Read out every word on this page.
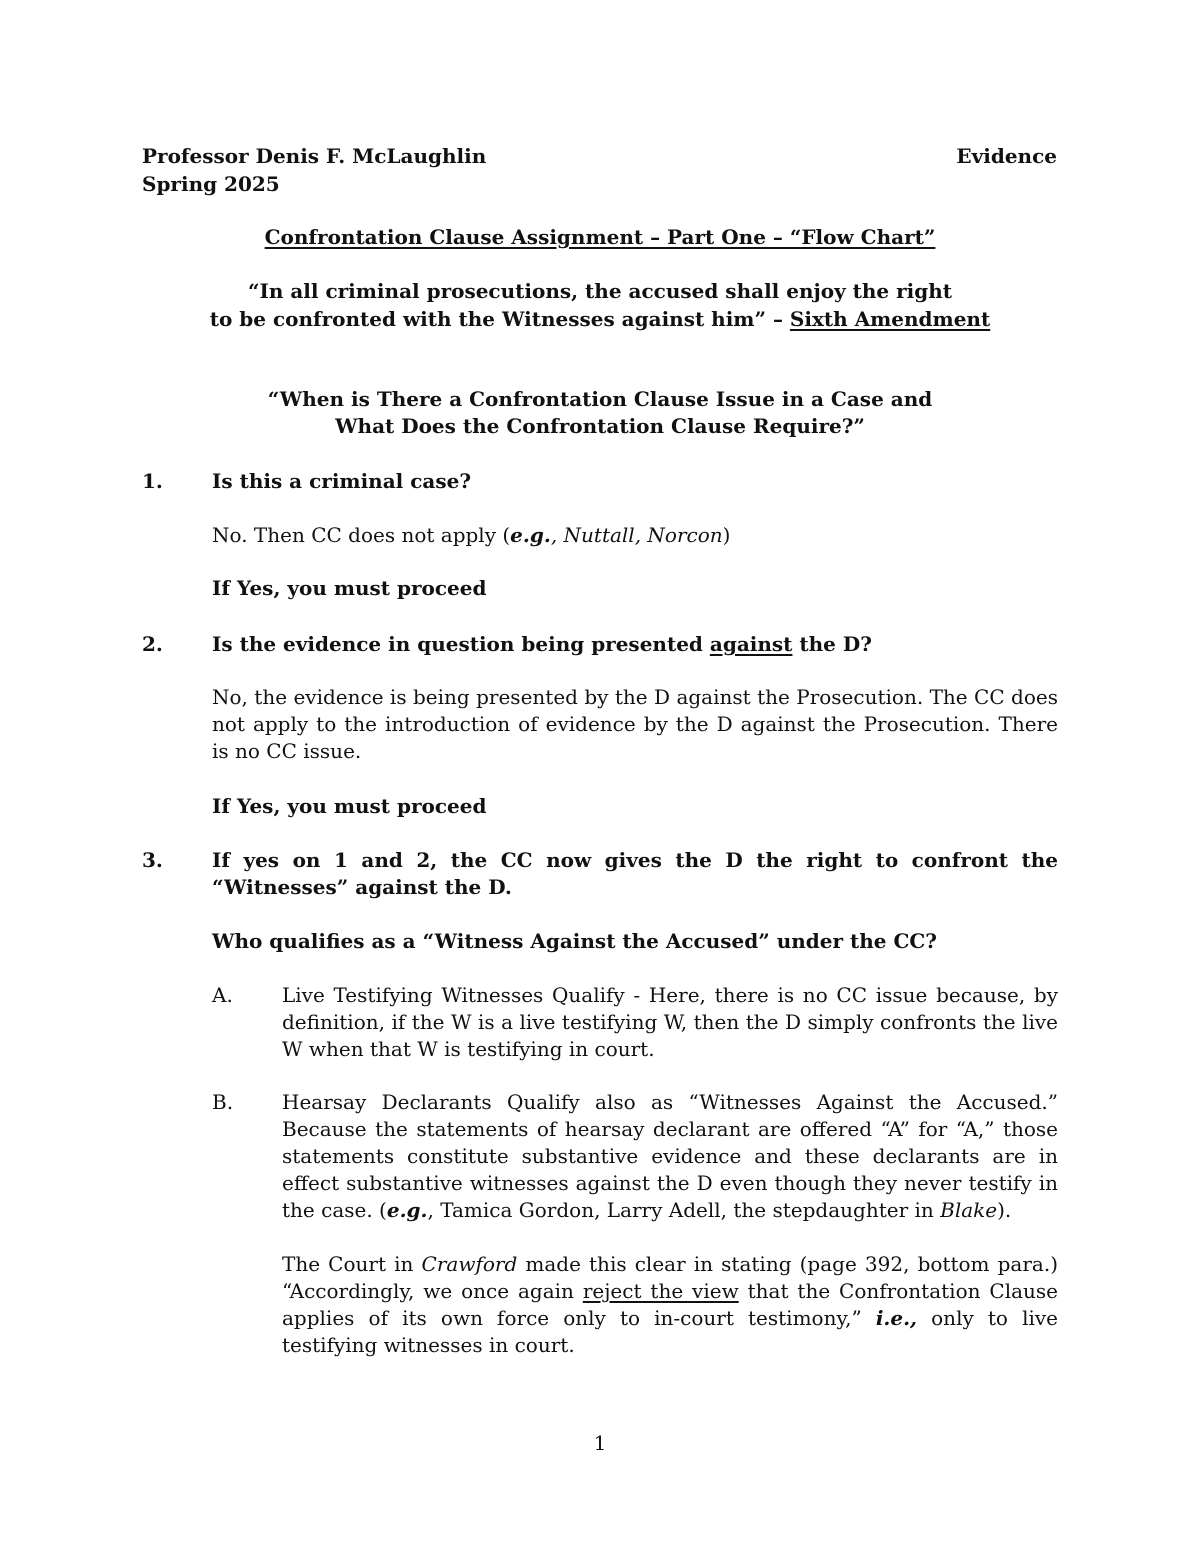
Professor Denis F. McLaughlin	Evidence

Spring 2025

Confrontation Clause Assignment – Part One – “Flow Chart”

“In all criminal prosecutions, the accused shall enjoy the right

to be confronted with the Witnesses against him” – Sixth Amendment

“When is There a Confrontation Clause Issue in a Case and

What Does the Confrontation Clause Require?”

1. Is this a criminal case?

No. Then CC does not apply (e.g., Nuttall, Norcon)

If Yes, you must proceed

2. Is the evidence in question being presented against the D?

No, the evidence is being presented by the D against the Prosecution. The CC does not apply to the introduction of evidence by the D against the Prosecution. There is no CC issue.

If Yes, you must proceed

3. If yes on 1 and 2, the CC now gives the D the right to confront the “Witnesses” against the D.

Who qualifies as a “Witness Against the Accused” under the CC?

A. Live Testifying Witnesses Qualify - Here, there is no CC issue because, by definition, if the W is a live testifying W, then the D simply confronts the live W when that W is testifying in court.

B. Hearsay Declarants Qualify also as “Witnesses Against the Accused.” Because the statements of hearsay declarant are offered “A” for “A,” those statements constitute substantive evidence and these declarants are in effect substantive witnesses against the D even though they never testify in the case. (e.g., Tamica Gordon, Larry Adell, the stepdaughter in Blake).

The Court in Crawford made this clear in stating (page 392, bottom para.) “Accordingly, we once again reject the view that the Confrontation Clause applies of its own force only to in-court testimony,” i.e., only to live testifying witnesses in court.

1
